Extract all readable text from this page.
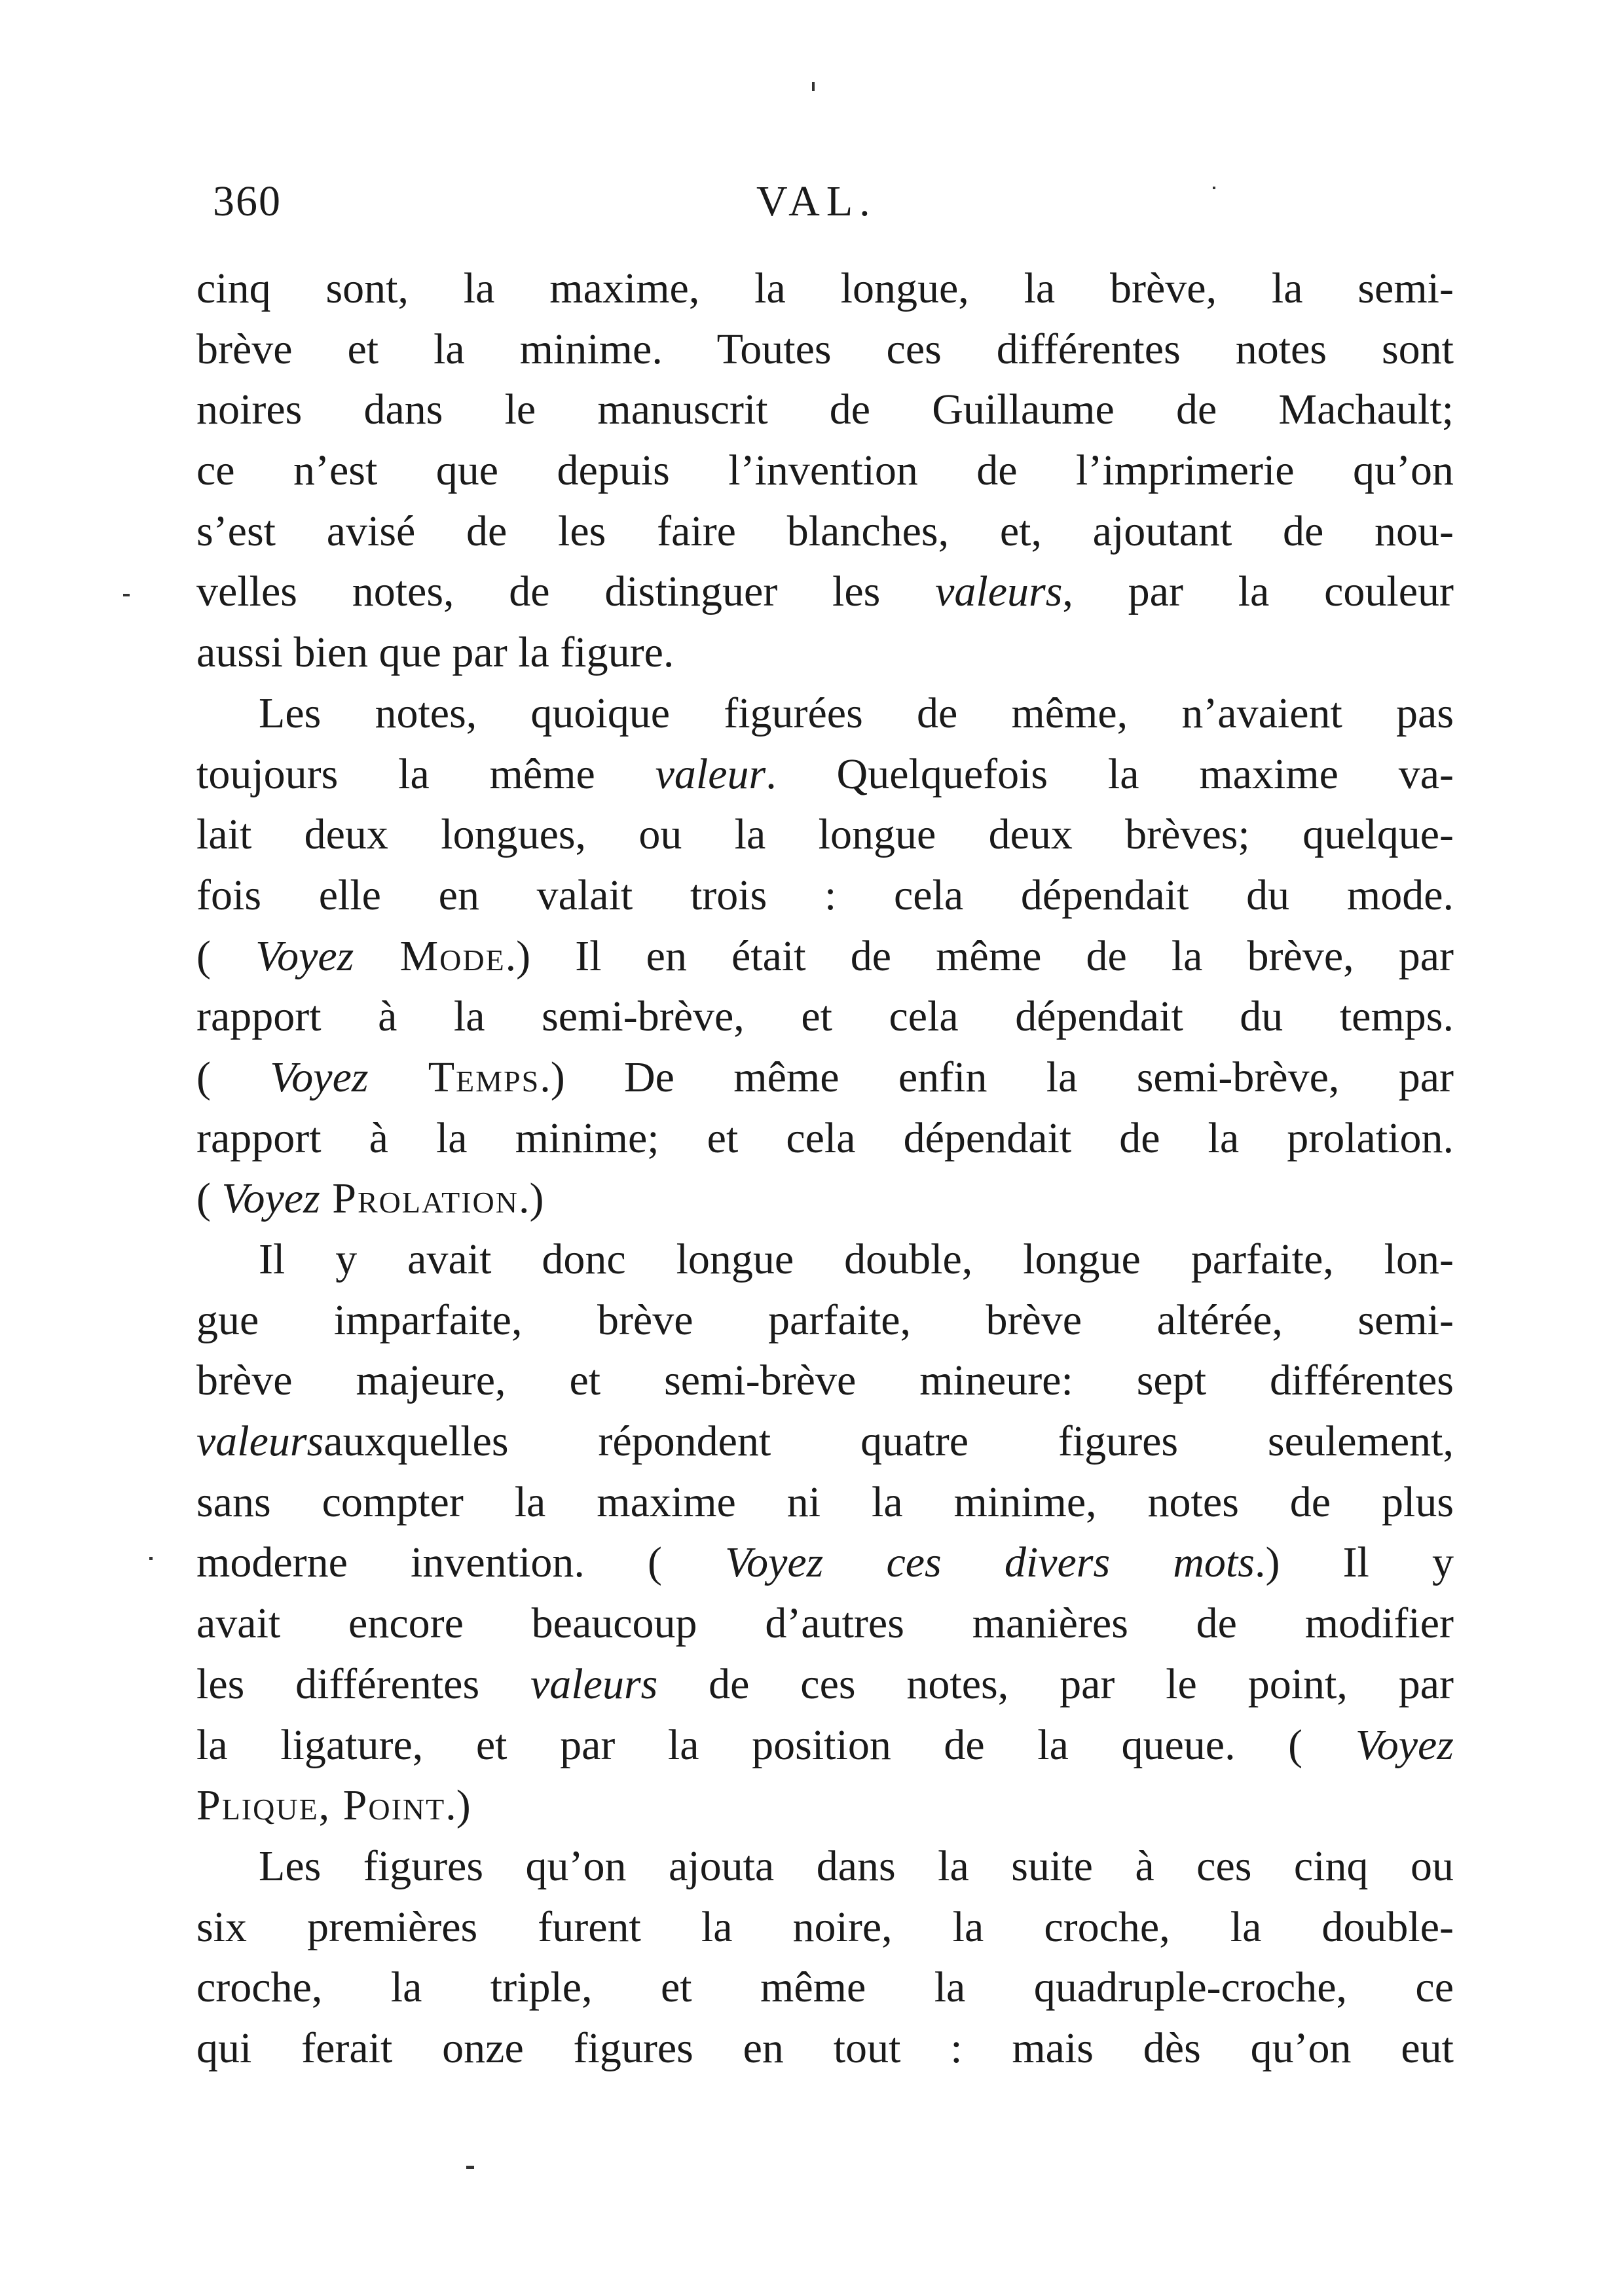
360	VAL.
cinq sont, la maxime, la longue, la brève, la semi-
brève et la minime. Toutes ces différentes notes sont
noires dans le manuscrit de Guillaume de Machault;
ce n’est que depuis l’invention de l’imprimerie qu’on
s’est avisé de les faire blanches, et, ajoutant de nou-
velles notes, de distinguer les valeurs, par la couleur
aussi bien que par la figure.
Les notes, quoique figurées de même, n’avaient pas
toujours la même valeur. Quelquefois la maxime va-
lait deux longues, ou la longue deux brèves; quelque-
fois elle en valait trois : cela dépendait du mode.
( Voyez Mode.) Il en était de même de la brève, par
rapport à la semi-brève, et cela dépendait du temps.
( Voyez Temps.) De même enfin la semi-brève, par
rapport à la minime; et cela dépendait de la prolation.
( Voyez Prolation.)
Il y avait donc longue double, longue parfaite, lon-
gue imparfaite, brève parfaite, brève altérée, semi-
brève majeure, et semi-brève mineure: sept différentes
valeursauxquelles répondent quatre figures seulement,
sans compter la maxime ni la minime, notes de plus
moderne invention. ( Voyez ces divers mots.) Il y
avait encore beaucoup d’autres manières de modifier
les différentes valeurs de ces notes, par le point, par
la ligature, et par la position de la queue. ( Voyez
Plique, Point.)
Les figures qu’on ajouta dans la suite à ces cinq ou
six premières furent la noire, la croche, la double-
croche, la triple, et même la quadruple-croche, ce
qui ferait onze figures en tout : mais dès qu’on eut
